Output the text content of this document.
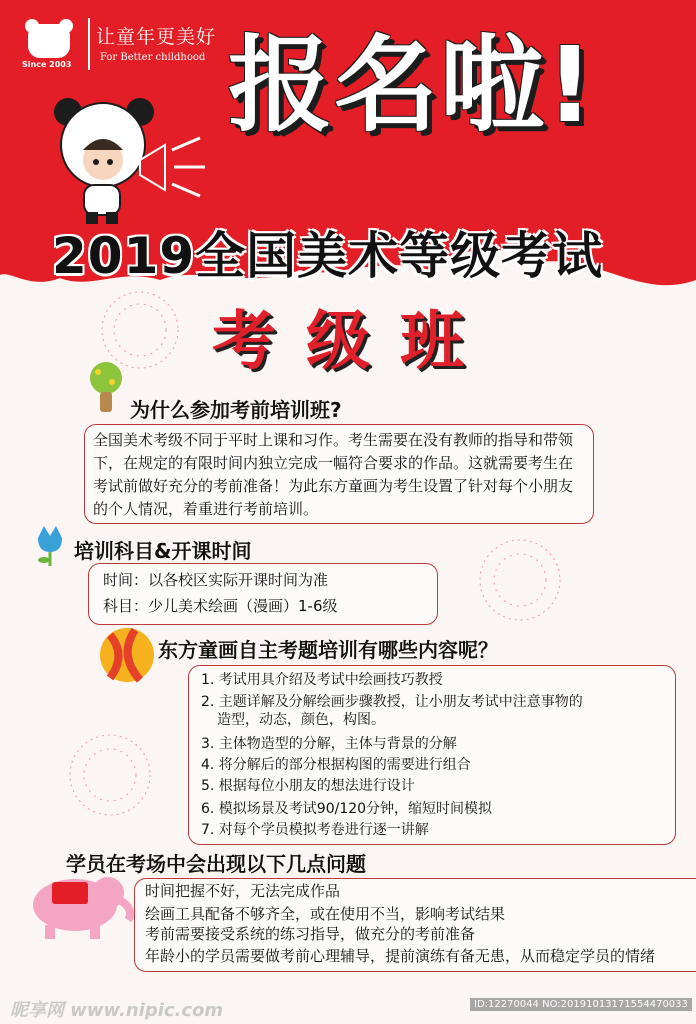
让童年更美好
For Better childhood
Since 2003 报名啦!
2019全国美术等级考试
考级班
为什么参加考前培训班?
全国美术考级不同于平时上课和习作。考生需要在没有教师的指导和带领下，在规定的有限时间内独立完成一幅符合要求的作品。这就需要考生在考试前做好充分的考前准备！为此东方童画为考生设置了针对每个小朋友的个人情况，着重进行考前培训。
培训科目&开课时间
时间：以各校区实际开课时间为准
科目：少儿美术绘画（漫画）1-6级
东方童画自主考题培训有哪些内容呢？
1. 考试用具介绍及考试中绘画技巧教授
2. 主题详解及分解绘画步骤教授，让小朋友考试中注意事物的
造型，动态，颜色，构图。
3. 主体物造型的分解，主体与背景的分解
4. 将分解后的部分根据构图的需要进行组合
5. 根据每位小朋友的想法进行设计
6. 模拟场景及考试90/120分钟，缩短时间模拟
7. 对每个学员模拟考卷进行逐一讲解
学员在考场中会出现以下几点问题
时间把握不好，无法完成作品
绘画工具配备不够齐全，或在使用不当，影响考试结果
考前需要接受系统的练习指导，做充分的考前准备
年龄小的学员需要做考前心理辅导，提前演练有备无患，从而稳定学员的情绪
昵享网 www.nipic.com	ID:12270044 NO:20191013171554470033
